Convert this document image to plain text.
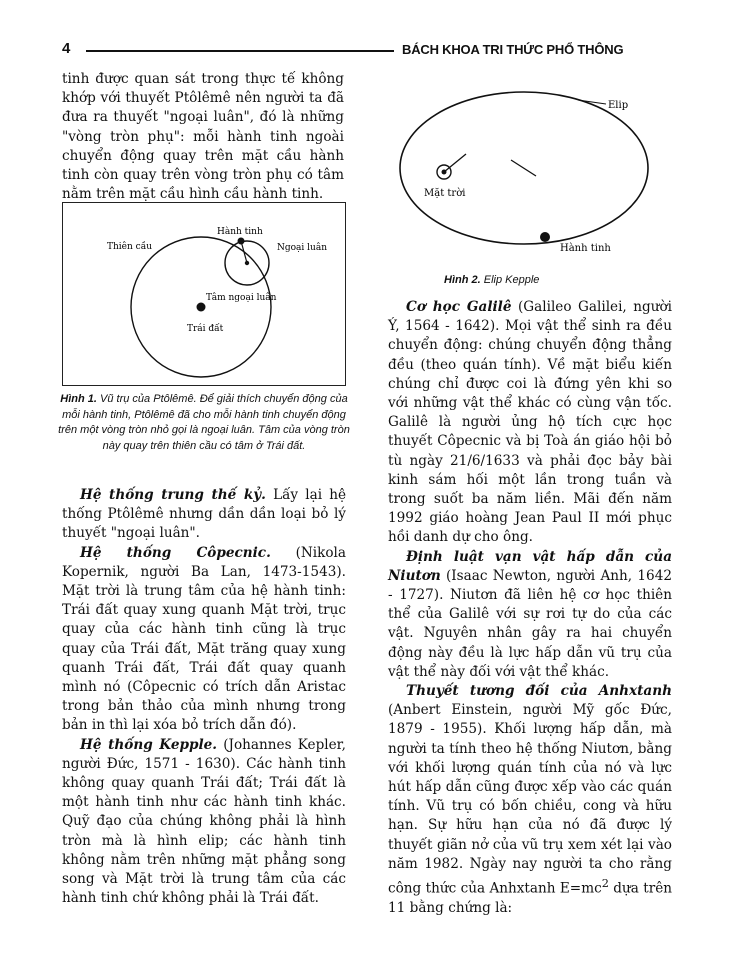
4	BÁCH KHOA TRI THỨC PHỔ THÔNG

tinh được quan sát trong thực tế không khớp với thuyết Ptôlêmê nên người ta đã đưa ra thuyết "ngoại luân", đó là những "vòng tròn phụ": mỗi hành tinh ngoài chuyển động quay trên mặt cầu hành tinh còn quay trên vòng tròn phụ có tâm nằm trên mặt cầu hình cầu hành tinh.

Hành tinh
Thiên cầu	Ngoại luân
Tâm ngoại luân
Trái đất
Hình 1. Vũ trụ của Ptôlêmê. Để giải thích chuyển động của mỗi hành tinh, Ptôlêmê đã cho mỗi hành tinh chuyển động trên một vòng tròn nhỏ gọi là ngoại luân. Tâm của vòng tròn này quay trên thiên cầu có tâm ở Trái đất.

Hệ thống trung thế kỷ. Lấy lại hệ thống Ptôlêmê nhưng dần dần loại bỏ lý thuyết "ngoại luân".

Hệ thống Côpecnic. (Nikola Kopernik, người Ba Lan, 1473-1543). Mặt trời là trung tâm của hệ hành tinh: Trái đất quay xung quanh Mặt trời, trục quay của các hành tinh cũng là trục quay của Trái đất, Mặt trăng quay xung quanh Trái đất, Trái đất quay quanh mình nó (Côpecnic có trích dẫn Aristac trong bản thảo của mình nhưng trong bản in thì lại xóa bỏ trích dẫn đó).

Hệ thống Kepple. (Johannes Kepler, người Đức, 1571 - 1630). Các hành tinh không quay quanh Trái đất; Trái đất là một hành tinh như các hành tinh khác. Quỹ đạo của chúng không phải là hình tròn mà là hình elip; các hành tinh không nằm trên những mặt phẳng song song và Mặt trời là trung tâm của các hành tinh chứ không phải là Trái đất.

Elip
Mặt trời
Hành tinh
Hình 2. Elip Kepple

Cơ học Galilê (Galileo Galilei, người Ý, 1564 - 1642). Mọi vật thể sinh ra đều chuyển động: chúng chuyển động thẳng đều (theo quán tính). Về mặt biểu kiến chúng chỉ được coi là đứng yên khi so với những vật thể khác có cùng vận tốc. Galilê là người ủng hộ tích cực học thuyết Côpecnic và bị Toà án giáo hội bỏ tù ngày 21/6/1633 và phải đọc bảy bài kinh sám hối một lần trong tuần và trong suốt ba năm liền. Mãi đến năm 1992 giáo hoàng Jean Paul II mới phục hồi danh dự cho ông.

Định luật vạn vật hấp dẫn của Niutơn (Isaac Newton, người Anh, 1642 - 1727). Niutơn đã liên hệ cơ học thiên thể của Galilê với sự rơi tự do của các vật. Nguyên nhân gây ra hai chuyển động này đều là lực hấp dẫn vũ trụ của vật thể này đối với vật thể khác.

Thuyết tương đối của Anhxtanh (Anbert Einstein, người Mỹ gốc Đức, 1879 - 1955). Khối lượng hấp dẫn, mà người ta tính theo hệ thống Niutơn, bằng với khối lượng quán tính của nó và lực hút hấp dẫn cũng được xếp vào các quán tính. Vũ trụ có bốn chiều, cong và hữu hạn. Sự hữu hạn của nó đã được lý thuyết giãn nở của vũ trụ xem xét lại vào năm 1982. Ngày nay người ta cho rằng công thức của Anhxtanh $E=mc^2$ dựa trên 11 bằng chứng là:
